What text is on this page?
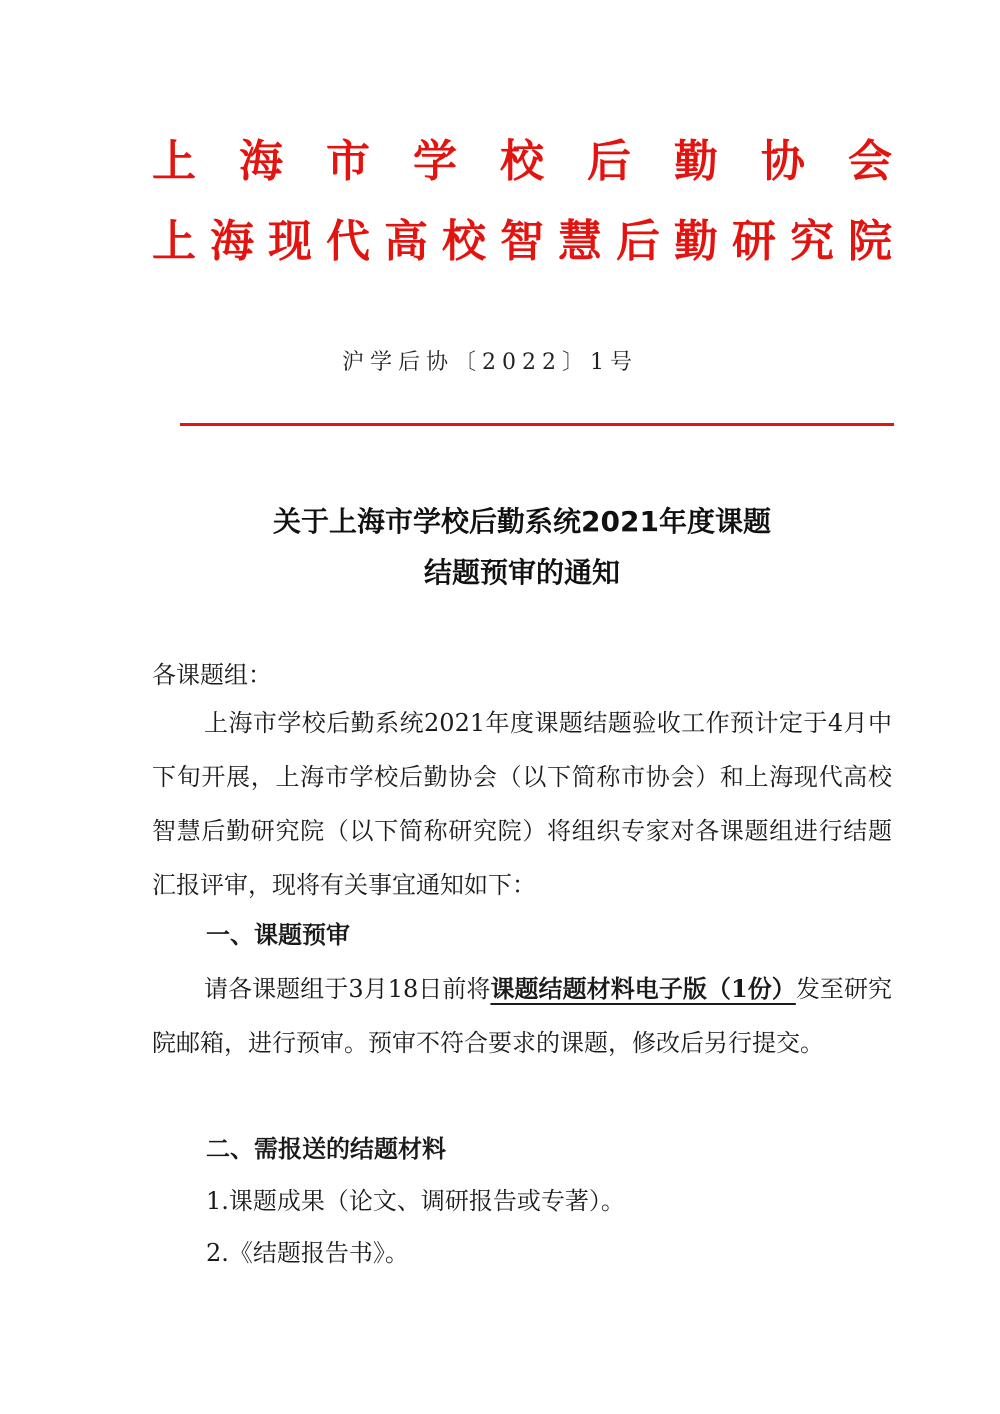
上 海 市 学 校 后 勤 协 会
上 海 现 代 高 校 智 慧 后 勤 研 究 院
沪学后协〔2022〕1号
关于上海市学校后勤系统2021年度课题
结题预审的通知
各课题组：
上海市学校后勤系统2021年度课题结题验收工作预计定于4月中下旬开展，上海市学校后勤协会（以下简称市协会）和上海现代高校智慧后勤研究院（以下简称研究院）将组织专家对各课题组进行结题汇报评审，现将有关事宜通知如下：
一、课题预审
请各课题组于3月18日前将课题结题材料电子版（1份）发至研究院邮箱，进行预审。预审不符合要求的课题，修改后另行提交。
二、需报送的结题材料
1.课题成果（论文、调研报告或专著）。
2.《结题报告书》。
